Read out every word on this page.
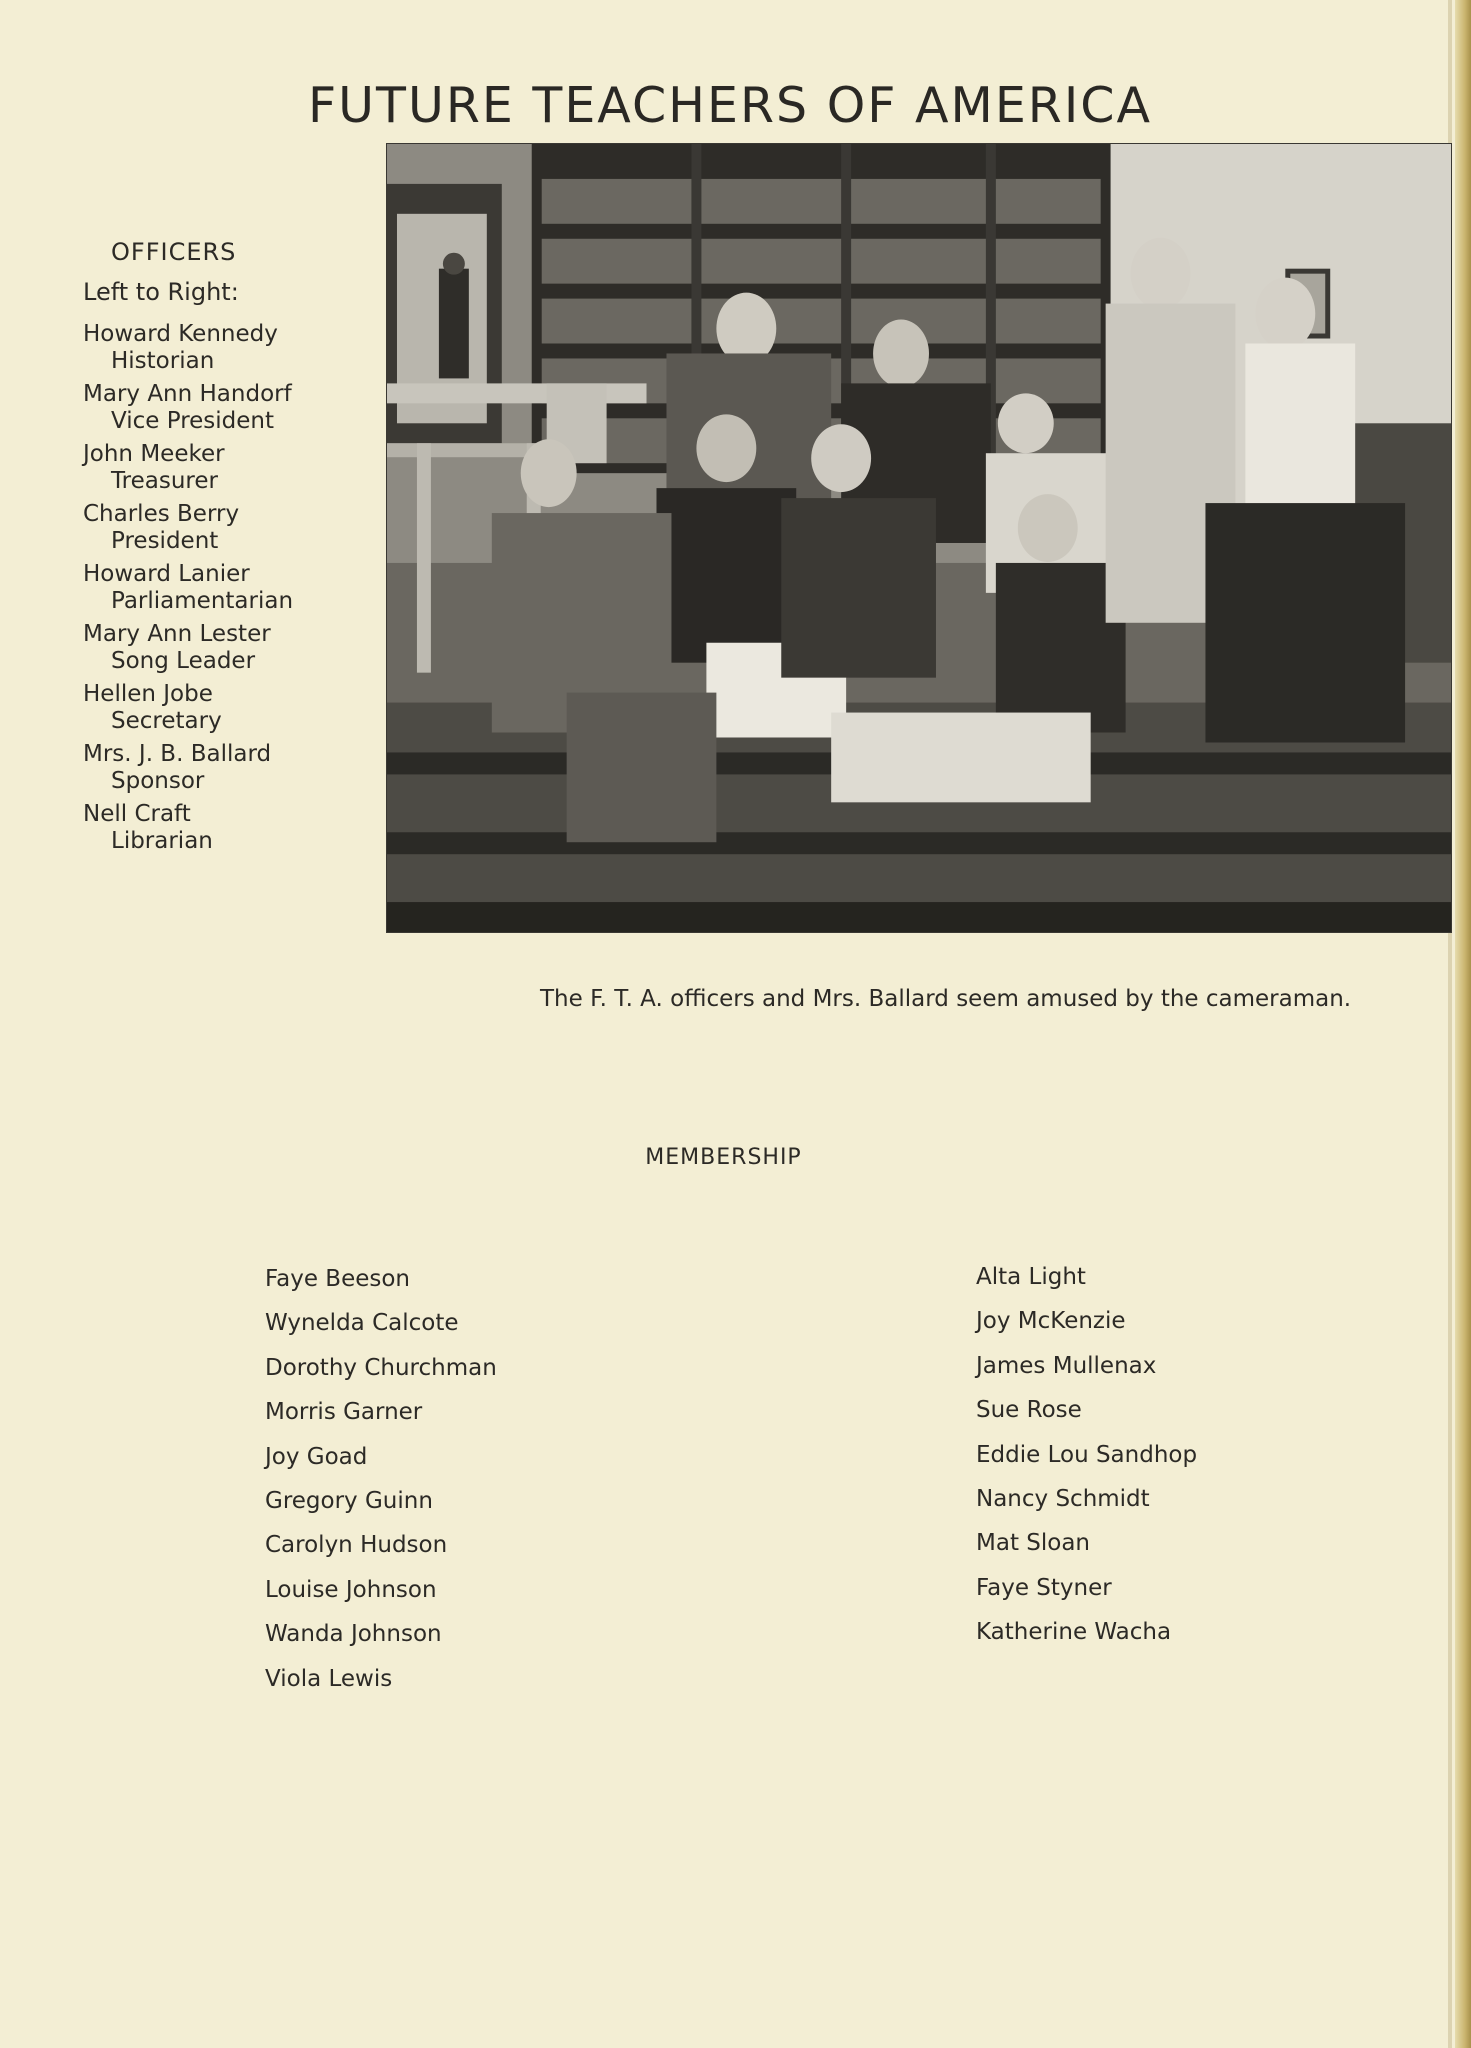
FUTURE TEACHERS OF AMERICA
OFFICERS
Left to Right:
Howard Kennedy
Historian
Mary Ann Handorf
Vice President
John Meeker
Treasurer
Charles Berry
President
Howard Lanier
Parliamentarian
Mary Ann Lester
Song Leader
Hellen Jobe
Secretary
Mrs. J. B. Ballard
Sponsor
Nell Craft
Librarian
The F. T. A. officers and Mrs. Ballard seem amused by the cameraman.
MEMBERSHIP
Faye Beeson
Wynelda Calcote
Dorothy Churchman
Morris Garner
Joy Goad
Gregory Guinn
Carolyn Hudson
Louise Johnson
Wanda Johnson
Viola Lewis
Alta Light
Joy McKenzie
James Mullenax
Sue Rose
Eddie Lou Sandhop
Nancy Schmidt
Mat Sloan
Faye Styner
Katherine Wacha
